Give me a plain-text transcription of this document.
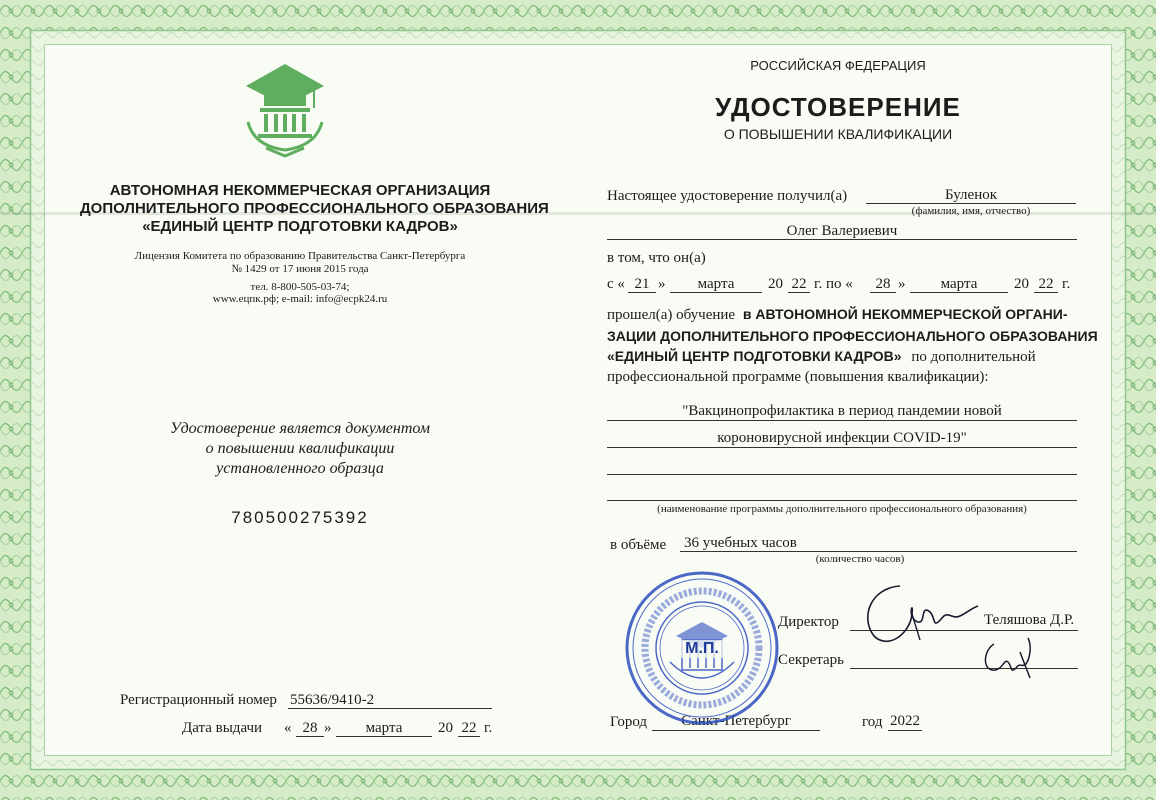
АВТОНОМНАЯ НЕКОММЕРЧЕСКАЯ ОРГАНИЗАЦИЯ
ДОПОЛНИТЕЛЬНОГО ПРОФЕССИОНАЛЬНОГО ОБРАЗОВАНИЯ
«ЕДИНЫЙ ЦЕНТР ПОДГОТОВКИ КАДРОВ»
Лицензия Комитета по образованию Правительства Санкт-Петербурга
№ 1429 от 17 июня 2015 года
тел. 8-800-505-03-74;
www.ецпк.рф; e-mail: info@ecpk24.ru
Удостоверение является документом
о повышении квалификации
установленного образца
780500275392
Регистрационный номер 55636/9410-2
Дата выдачи « 28 »	марта	20 22 г.
РОССИЙСКАЯ ФЕДЕРАЦИЯ
УДОСТОВЕРЕНИЕ
О ПОВЫШЕНИИ КВАЛИФИКАЦИИ
Настоящее удостоверение получил(а)	Буленок
(фамилия, имя, отчество)
Олег Валериевич
в том, что он(а)
с « 21 »	марта	20 22 г. по «	28 »	марта	20 22 г.
прошел(а) обучение в АВТОНОМНОЙ НЕКОММЕРЧЕСКОЙ ОРГАНИ-
ЗАЦИИ ДОПОЛНИТЕЛЬНОГО ПРОФЕССИОНАЛЬНОГО ОБРАЗОВАНИЯ
«ЕДИНЫЙ ЦЕНТР ПОДГОТОВКИ КАДРОВ» по дополнительной
профессиональной программе (повышения квалификации):
"Вакцинопрофилактика в период пандемии новой
короновирусной инфекции COVID-19"
(наименование программы дополнительного профессионального образования)
в объёме 36 учебных часов
(количество часов)
Директор	Теляшова Д.Р.
Секретарь
Город	Санкт-Петербург	год 2022
М.П.
